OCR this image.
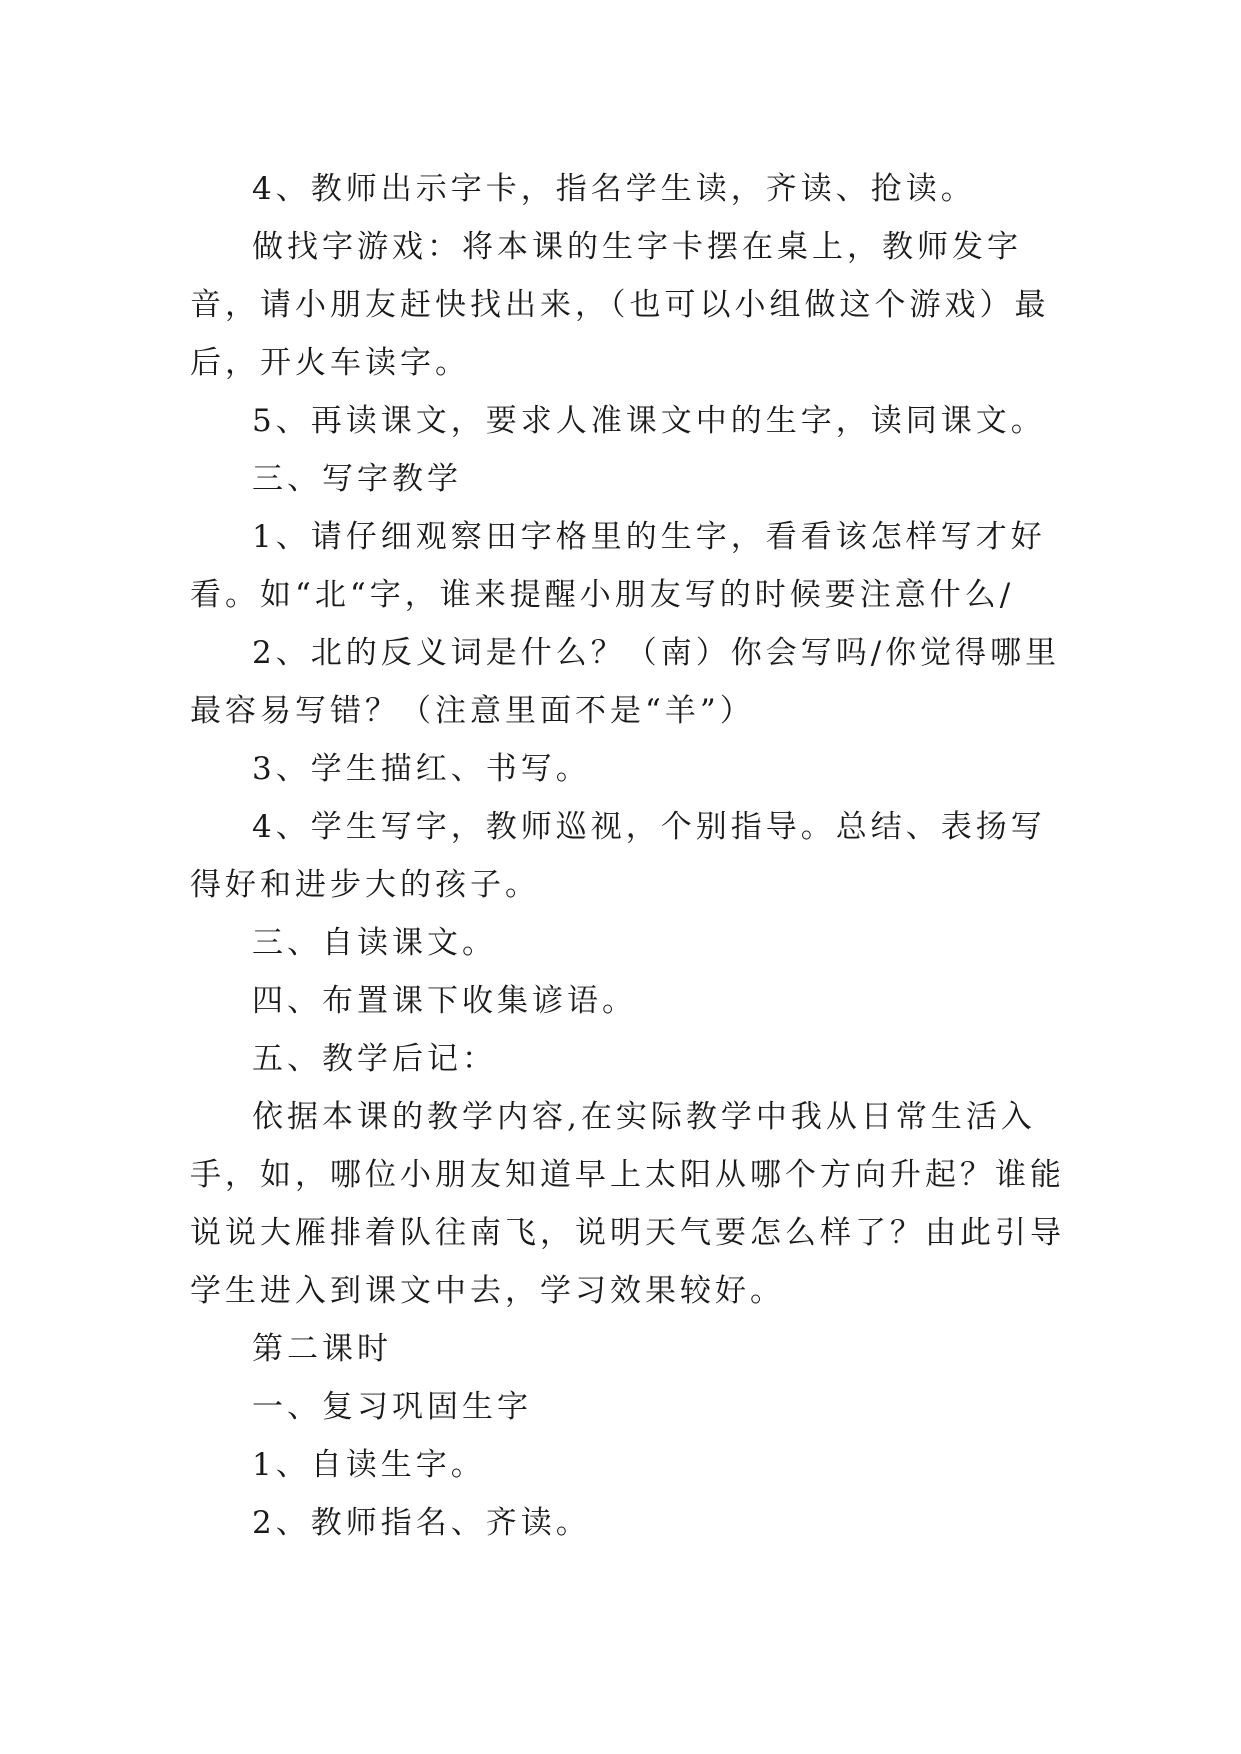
4、教师出示字卡，指名学生读，齐读、抢读。

做找字游戏：将本课的生字卡摆在桌上，教师发字音，请小朋友赶快找出来，（也可以小组做这个游戏）最后，开火车读字。

5、再读课文，要求人准课文中的生字，读同课文。

三、写字教学

1、请仔细观察田字格里的生字，看看该怎样写才好看。如“北“字，谁来提醒小朋友写的时候要注意什么/

2、北的反义词是什么？（南）你会写吗/你觉得哪里最容易写错？（注意里面不是“羊”）

3、学生描红、书写。

4、学生写字，教师巡视，个别指导。总结、表扬写得好和进步大的孩子。

三、自读课文。

四、布置课下收集谚语。

五、教学后记：

依据本课的教学内容,在实际教学中我从日常生活入手，如，哪位小朋友知道早上太阳从哪个方向升起？谁能说说大雁排着队往南飞，说明天气要怎么样了？由此引导学生进入到课文中去，学习效果较好。

第二课时

一、复习巩固生字

1、自读生字。

2、教师指名、齐读。
